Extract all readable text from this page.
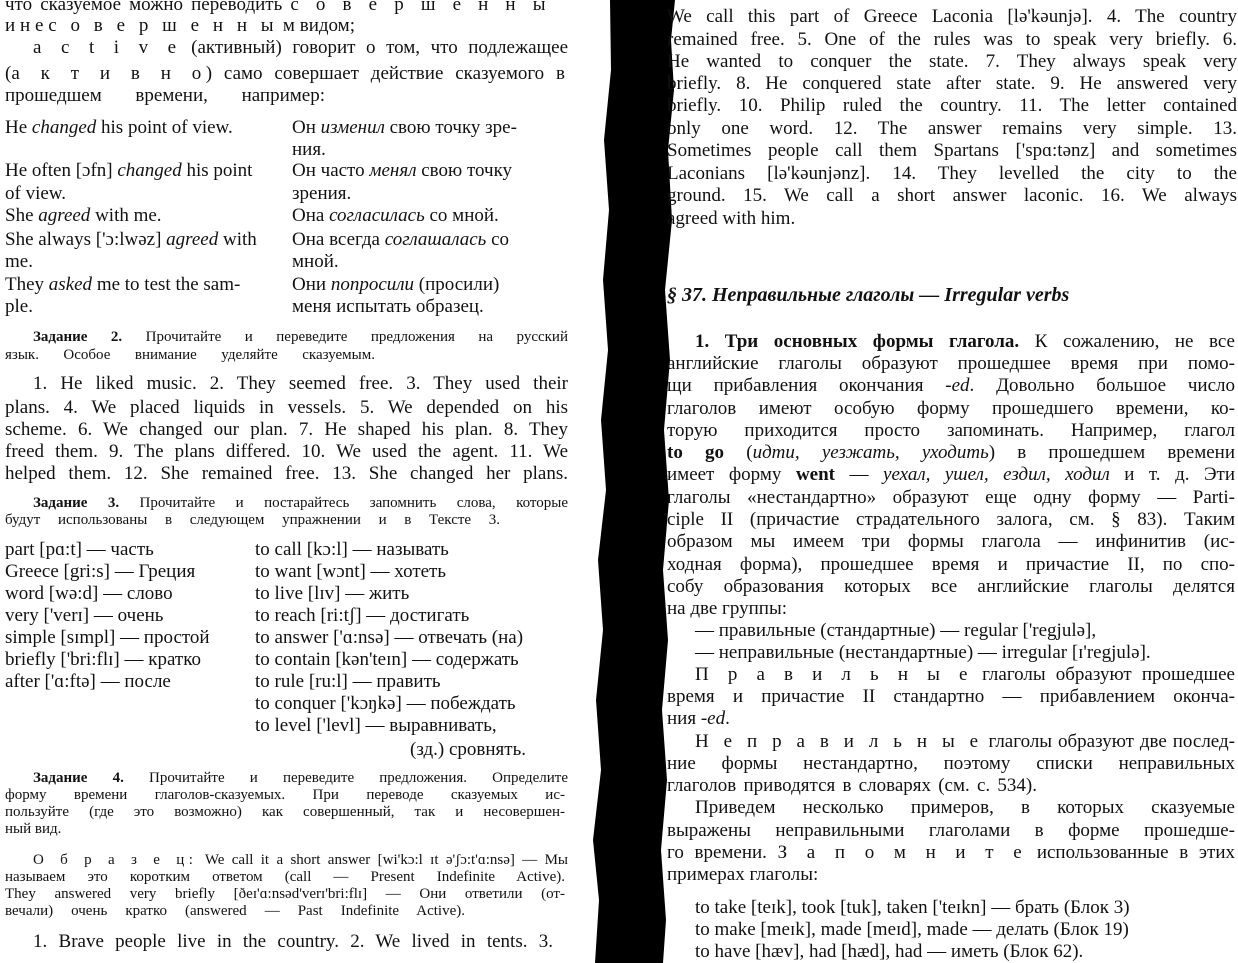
что сказуемое можно переводить с о в е р ш е н н ы

и н е с о в е р ш е н н ы м видом;

a c t i v e (активный) говорит о том, что подлежащее

(а к т и в н о) само совершает действие сказуемого в

прошедшем времени, например:

He changed his point of view.

He often [ɔfn] changed his point

of view.

She agreed with me.

She always ['ɔ:lwəz] agreed with

me.

They asked me to test the sam-

ple.

Он изменил свою точку зре-

ния.

Он часто менял свою точку

зрения.

Она согласилась со мной.

Она всегда соглашалась со

мной.

Они попросили (просили)

меня испытать образец.

Задание 2. Прочитайте и переведите предложения на русский

язык. Особое внимание уделяйте сказуемым.

1. He liked music. 2. They seemed free. 3. They used their

plans. 4. We placed liquids in vessels. 5. We depended on his

scheme. 6. We changed our plan. 7. He shaped his plan. 8. They

freed them. 9. The plans differed. 10. We used the agent. 11. We

helped them. 12. She remained free. 13. She changed her plans.

Задание 3. Прочитайте и постарайтесь запомнить слова, которые

будут использованы в следующем упражнении и в Тексте 3.

part [pɑ:t] — часть

Greece [gri:s] — Греция

word [wə:d] — слово

very ['verɪ] — очень

simple [sɪmpl] — простой

briefly ['bri:flɪ] — кратко

after ['ɑ:ftə] — после

to call [kɔ:l] — называть

to want [wɔnt] — хотеть

to live [lɪv] — жить

to reach [ri:tʃ] — достигать

to answer ['ɑ:nsə] — отвечать (на)

to contain [kən'teɪn] — содержать

to rule [ru:l] — править

to conquer ['kɔŋkə] — побеждать

to level ['levl] — выравнивать,

(зд.) сровнять.

Задание 4. Прочитайте и переведите предложения. Определите

форму времени глаголов-сказуемых. При переводе сказуемых ис-

пользуйте (где это возможно) как совершенный, так и несовершен-

ный вид.

О б р а з е ц: We call it a short answer [wi'kɔ:l ɪt ə'ʃɔ:t'ɑ:nsə] — Мы

называем это коротким ответом (call — Present Indefinite Active).

They answered very briefly [ðeɪ'ɑ:nsəd'verɪ'bri:flɪ] — Они ответили (от-

вечали) очень кратко (answered — Past Indefinite Active).

1. Brave people live in the country. 2. We lived in tents. 3.

We call this part of Greece Laconia [lə'kəunjə]. 4. The country

remained free. 5. One of the rules was to speak very briefly. 6.

He wanted to conquer the state. 7. They always speak very

briefly. 8. He conquered state after state. 9. He answered very

briefly. 10. Philip ruled the country. 11. The letter contained

only one word. 12. The answer remains very simple. 13.

Sometimes people call them Spartans ['spɑ:tənz] and sometimes

Laconians [lə'kəunjənz]. 14. They levelled the city to the

ground. 15. We call a short answer laconic. 16. We always

agreed with him.

§ 37. Неправильные глаголы — Irregular verbs

1. Три основных формы глагола. К сожалению, не все

английские глаголы образуют прошедшее время при помо-

щи прибавления окончания -ed. Довольно большое число

глаголов имеют особую форму прошедшего времени, ко-

торую приходится просто запоминать. Например, глагол

to go (идти, уезжать, уходить) в прошедшем времени

имеет форму went — уехал, ушел, ездил, ходил и т. д. Эти

глаголы «нестандартно» образуют еще одну форму — Parti-

ciple II (причастие страдательного залога, см. § 83). Таким

образом мы имеем три формы глагола — инфинитив (ис-

ходная форма), прошедшее время и причастие II, по спо-

собу образования которых все английские глаголы делятся

на две группы:

— правильные (стандартные) — regular ['regjulə],

— неправильные (нестандартные) — irregular [ɪ'regjulə].

П р а в и л ь н ы е глаголы образуют прошедшее

время и причастие II стандартно — прибавлением оконча-

ния -ed.

Н е п р а в и л ь н ы е глаголы образуют две послед-

ние формы нестандартно, поэтому списки неправильных

глаголов приводятся в словарях (см. с. 534).

Приведем несколько примеров, в которых сказуемые

выражены неправильными глаголами в форме прошедше-

го времени. З а п о м н и т е использованные в этих

примерах глаголы:

to take [teɪk], took [tuk], taken ['teɪkn] — брать (Блок 3)

to make [meɪk], made [meɪd], made — делать (Блок 19)

to have [hæv], had [hæd], had — иметь (Блок 62).
